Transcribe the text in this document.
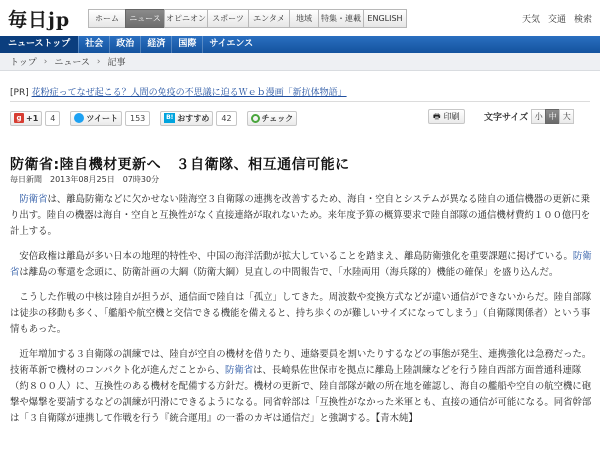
毎日jp	ホーム	ニュース オピニオン スポーツ	エンタメ	地域	特集・連載 ENGLISH	天気 交通 検索
ニューストップ	社会	政治	経済	国際	サイエンス
トップ › ニュース › 記事
[PR] 花粉症ってなぜ起こる？人間の免疫の不思議に迫るＷｅｂ漫画「新抗体物語」
g +1	4	ツイート	153	B! おすすめ	42	チェック	🖶 印刷	文字サイズ 小 中 大
防衛省:陸自機材更新へ　３自衛隊、相互通信可能に
毎日新聞　2013年08月25日　07時30分

防衛省は、離島防衛などに欠かせない陸海空３自衛隊の連携を改善するため、海自・空自とシステムが異なる陸自の通信機器の更新に乗り出す。陸自の機器は海自・空自と互換性がなく直接連絡が取れないため。来年度予算の概算要求で陸自部隊の通信機材費約１００億円を計上する。

安倍政権は離島が多い日本の地理的特性や、中国の海洋活動が拡大していることを踏まえ、離島防衛強化を重要課題に掲げている。防衛省は離島の奪還を念頭に、防衛計画の大綱（防衛大綱）見直しの中間報告で、「水陸両用（海兵隊的）機能の確保」を盛り込んだ。

こうした作戦の中核は陸自が担うが、通信面で陸自は「孤立」してきた。周波数や変換方式などが違い通信ができないからだ。陸自部隊は徒歩の移動も多く、「艦船や航空機と交信できる機能を備えると、持ち歩くのが難しいサイズになってしまう」（自衛隊関係者）という事情もあった。

近年増加する３自衛隊の訓練では、陸自が空自の機材を借りたり、連絡要員を割いたりするなどの事態が発生、連携強化は急務だった。技術革新で機材のコンパクト化が進んだことから、防衛省は、長崎県佐世保市を拠点に離島上陸訓練などを行う陸自西部方面普通科連隊（約８００人）に、互換性のある機材を配備する方針だ。機材の更新で、陸自部隊が敵の所在地を確認し、海自の艦船や空自の航空機に砲撃や爆撃を要請するなどの訓練が円滑にできるようになる。同省幹部は「互換性がなかった米軍とも、直接の通信が可能になる。同省幹部は「３自衛隊が連携して作戦を行う『統合運用』の一番のカギは通信だ」と強調する。【青木純】
